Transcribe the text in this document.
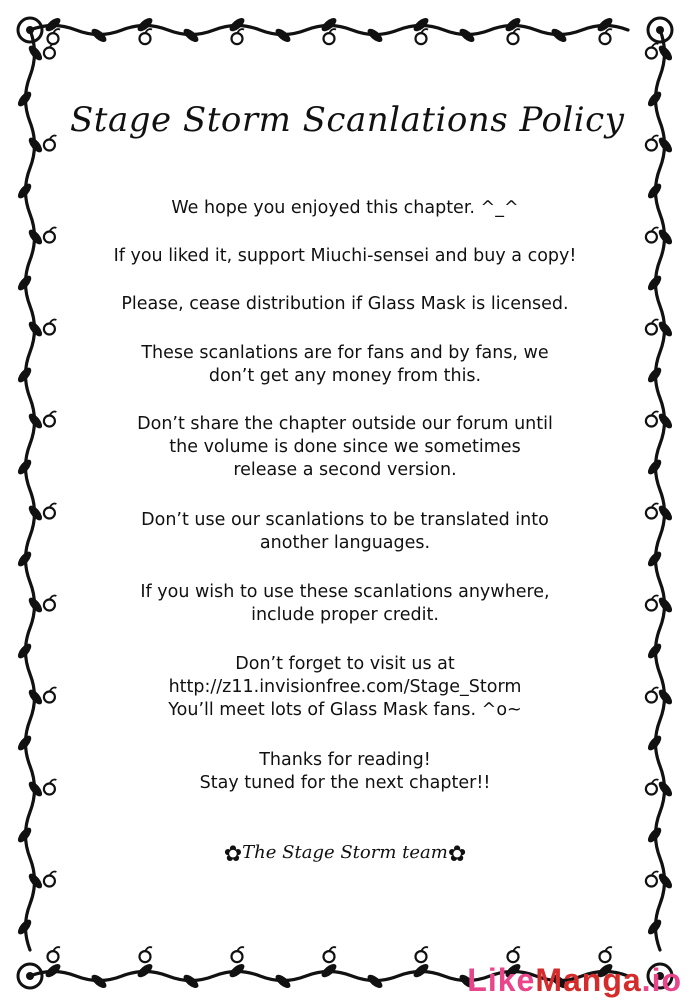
Stage Storm Scanlations Policy
We hope you enjoyed this chapter. ^_^
If you liked it, support Miuchi-sensei and buy a copy!
Please, cease distribution if Glass Mask is licensed.
These scanlations are for fans and by fans, we
don’t get any money from this.
Don’t share the chapter outside our forum until
the volume is done since we sometimes
release a second version.
Don’t use our scanlations to be translated into
another languages.
If you wish to use these scanlations anywhere,
include proper credit.
Don’t forget to visit us at
http://z11.invisionfree.com/Stage_Storm
You’ll meet lots of Glass Mask fans. ^o~
Thanks for reading!
Stay tuned for the next chapter!!
✿The Stage Storm team✿
LikeManga.io
